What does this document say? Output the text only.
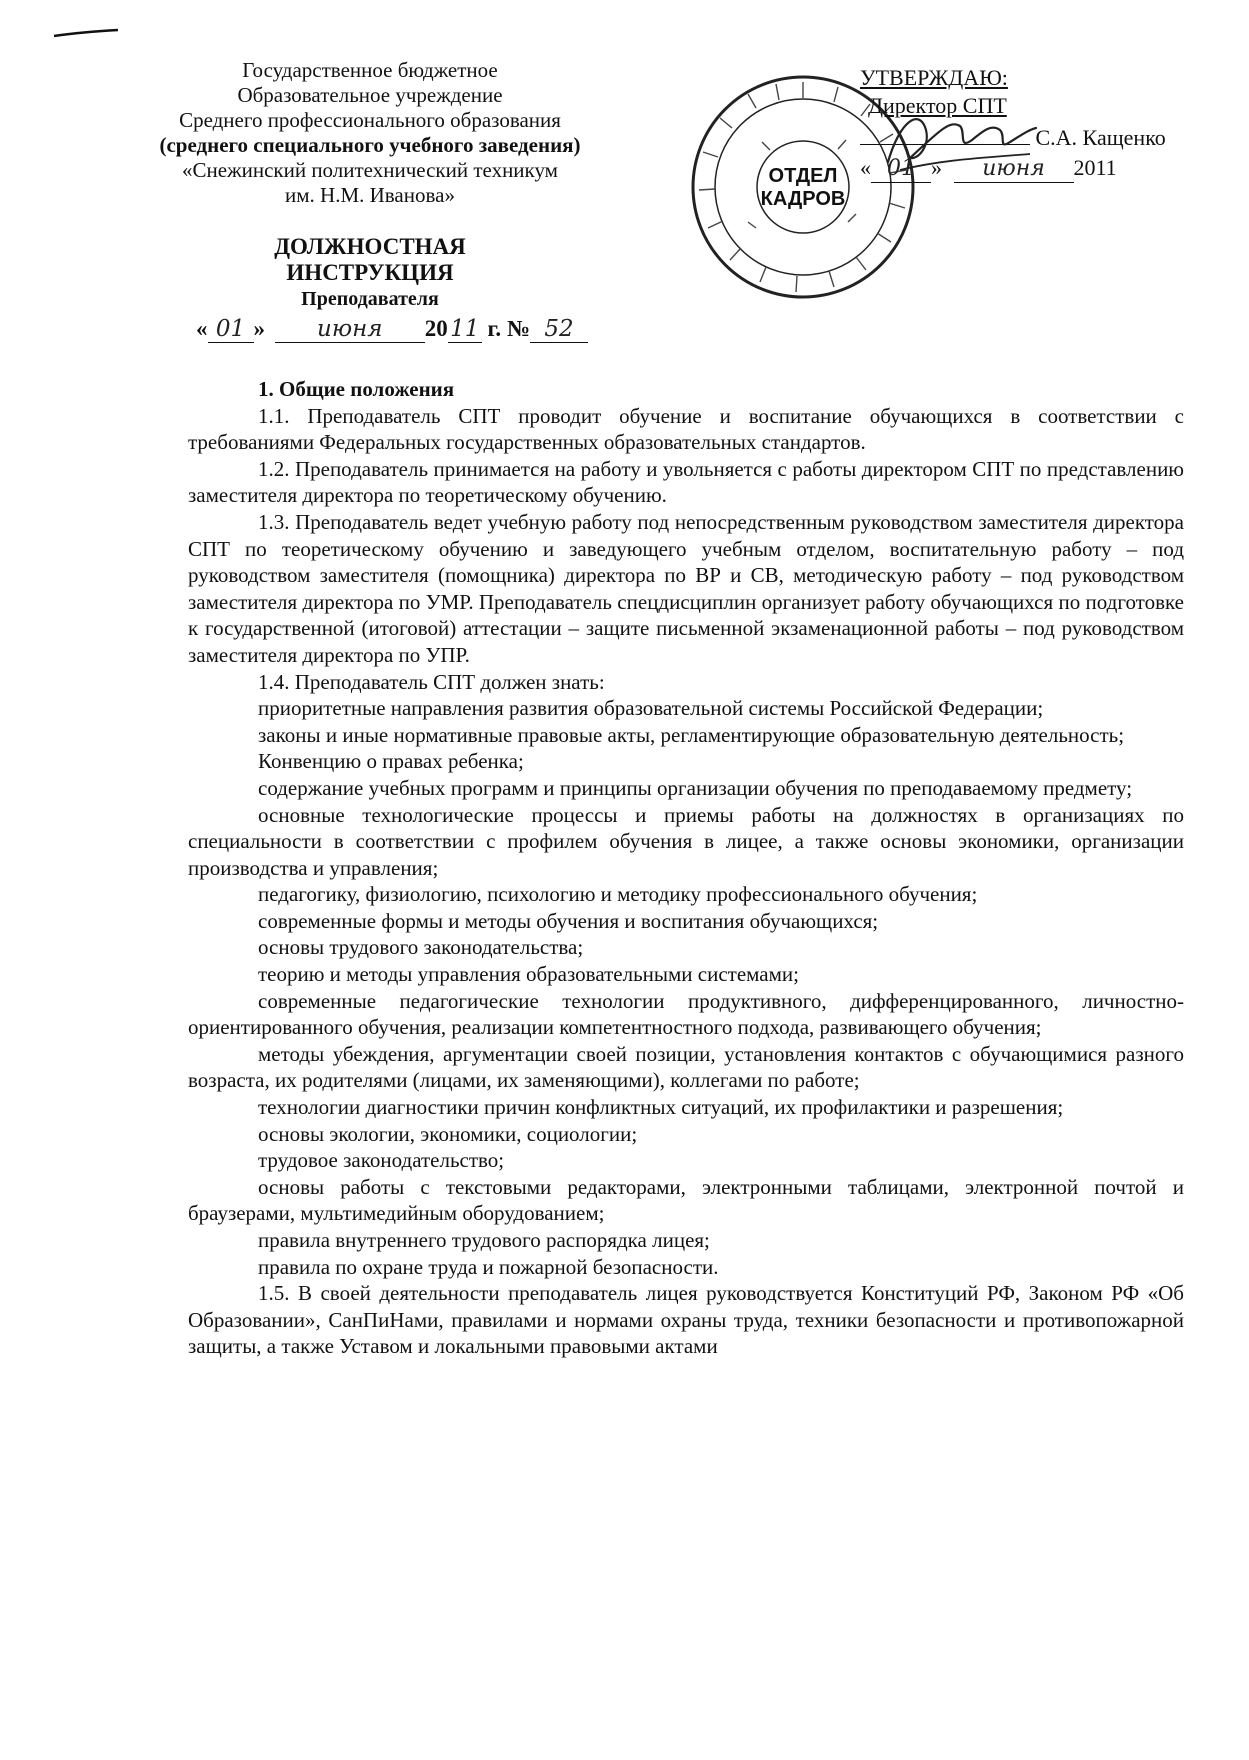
Государственное бюджетное
Образовательное учреждение
Среднего профессионального образования
(среднего специального учебного заведения)
«Снежинский политехнический техникум
им. Н.М. Иванова»
ДОЛЖНОСТНАЯ
ИНСТРУКЦИЯ
Преподавателя
« 01 » июня 20 11 г. № 52
ОТДЕЛ
КАДРОВ
УТВЕРЖДАЮ:
Директор СПТ
С.А. Кащенко
« 01 » июня 2011

1. Общие положения

1.1. Преподаватель СПТ проводит обучение и воспитание обучающихся в соответствии с требованиями Федеральных государственных образовательных стандартов.

1.2. Преподаватель принимается на работу и увольняется с работы директором СПТ по представлению заместителя директора по теоретическому обучению.

1.3. Преподаватель ведет учебную работу под непосредственным руководством заместителя директора СПТ по теоретическому обучению и заведующего учебным отделом, воспитательную работу – под руководством заместителя (помощника) директора по ВР и СВ, методическую работу – под руководством заместителя директора по УМР. Преподаватель спецдисциплин организует работу обучающихся по подготовке к государственной (итоговой) аттестации – защите письменной экзаменационной работы – под руководством заместителя директора по УПР.

1.4. Преподаватель СПТ должен знать:

приоритетные направления развития образовательной системы Российской Федерации;

законы и иные нормативные правовые акты, регламентирующие образовательную деятельность;

Конвенцию о правах ребенка;

содержание учебных программ и принципы организации обучения по преподаваемому предмету;

основные технологические процессы и приемы работы на должностях в организациях по специальности в соответствии с профилем обучения в лицее, а также основы экономики, организации производства и управления;

педагогику, физиологию, психологию и методику профессионального обучения;

современные формы и методы обучения и воспитания обучающихся;

основы трудового законодательства;

теорию и методы управления образовательными системами;

современные педагогические технологии продуктивного, дифференцированного, личностно-ориентированного обучения, реализации компетентностного подхода, развивающего обучения;

методы убеждения, аргументации своей позиции, установления контактов с обучающимися разного возраста, их родителями (лицами, их заменяющими), коллегами по работе;

технологии диагностики причин конфликтных ситуаций, их профилактики и разрешения;

основы экологии, экономики, социологии;

трудовое законодательство;

основы работы с текстовыми редакторами, электронными таблицами, электронной почтой и браузерами, мультимедийным оборудованием;

правила внутреннего трудового распорядка лицея;

правила по охране труда и пожарной безопасности.

1.5. В своей деятельности преподаватель лицея руководствуется Конституций РФ, Законом РФ «Об Образовании», СанПиНами, правилами и нормами охраны труда, техники безопасности и противопожарной защиты, а также Уставом и локальными правовыми актами
